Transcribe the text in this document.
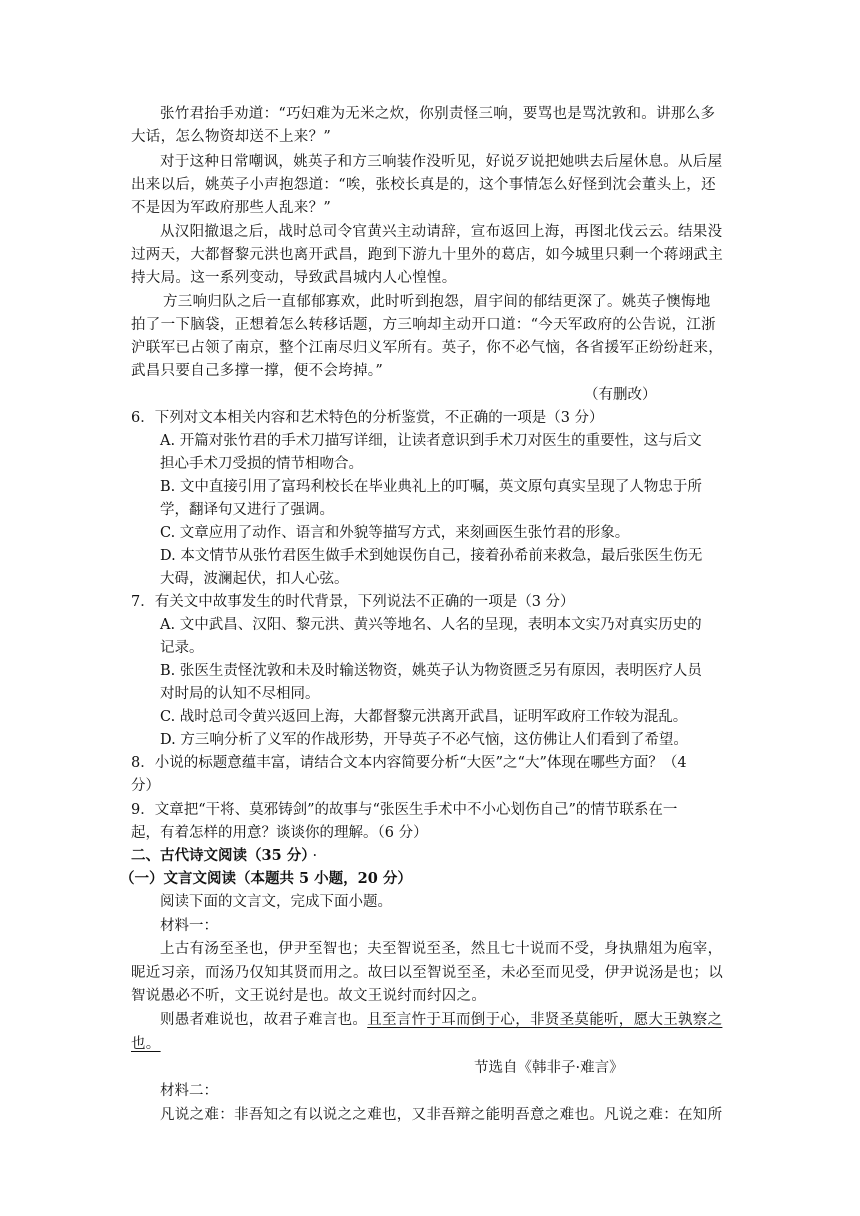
张竹君抬手劝道：“巧妇难为无米之炊，你别责怪三响，要骂也是骂沈敦和。讲那么多
大话，怎么物资却送不上来？”
对于这种日常嘲讽，姚英子和方三响装作没听见，好说歹说把她哄去后屋休息。从后屋
出来以后，姚英子小声抱怨道：“唉，张校长真是的，这个事情怎么好怪到沈会董头上，还
不是因为军政府那些人乱来？”
从汉阳撤退之后，战时总司令官黄兴主动请辞，宣布返回上海，再图北伐云云。结果没
过两天，大都督黎元洪也离开武昌，跑到下游九十里外的葛店，如今城里只剩一个蒋翊武主
持大局。这一系列变动，导致武昌城内人心惶惶。
方三响归队之后一直郁郁寡欢，此时听到抱怨，眉宇间的郁结更深了。姚英子懊悔地
拍了一下脑袋，正想着怎么转移话题，方三响却主动开口道：“今天军政府的公告说，江浙
沪联军已占领了南京，整个江南尽归义军所有。英子，你不必气恼，各省援军正纷纷赶来，
武昌只要自己多撑一撑，便不会垮掉。”
（有删改）
6．下列对文本相关内容和艺术特色的分析鉴赏，不正确的一项是（3 分）
A. 开篇对张竹君的手术刀描写详细，让读者意识到手术刀对医生的重要性，这与后文
担心手术刀受损的情节相吻合。
B. 文中直接引用了富玛利校长在毕业典礼上的叮嘱，英文原句真实呈现了人物忠于所
学，翻译句又进行了强调。
C. 文章应用了动作、语言和外貌等描写方式，来刻画医生张竹君的形象。
D. 本文情节从张竹君医生做手术到她误伤自己，接着孙希前来救急，最后张医生伤无
大碍，波澜起伏，扣人心弦。
7．有关文中故事发生的时代背景，下列说法不正确的一项是（3 分）
A. 文中武昌、汉阳、黎元洪、黄兴等地名、人名的呈现，表明本文实乃对真实历史的
记录。
B. 张医生责怪沈敦和未及时输送物资，姚英子认为物资匮乏另有原因，表明医疗人员
对时局的认知不尽相同。
C. 战时总司令黄兴返回上海，大都督黎元洪离开武昌，证明军政府工作较为混乱。
D. 方三响分析了义军的作战形势，开导英子不必气恼，这仿佛让人们看到了希望。
8．小说的标题意蕴丰富，请结合文本内容简要分析“大医”之“大”体现在哪些方面？（4
分）
9．文章把“干将、莫邪铸剑”的故事与“张医生手术中不小心划伤自己”的情节联系在一
起，有着怎样的用意？谈谈你的理解。（6 分）
二、古代诗文阅读（35 分） ·
（一）文言文阅读（本题共 5 小题，20 分）
阅读下面的文言文，完成下面小题。
材料一：
上古有汤至圣也，伊尹至智也；夫至智说至圣，然且七十说而不受，身执鼎俎为庖宰，
昵近习亲，而汤乃仅知其贤而用之。故曰以至智说至圣，未必至而见受，伊尹说汤是也；以
智说愚必不听，文王说纣是也。故文王说纣而纣囚之。
则愚者难说也，故君子难言也。且至言忤于耳而倒于心，非贤圣莫能听，愿大王孰察之
也。
节选自《韩非子·难言》
材料二：
凡说之难：非吾知之有以说之之难也，又非吾辩之能明吾意之难也。凡说之难：在知所
